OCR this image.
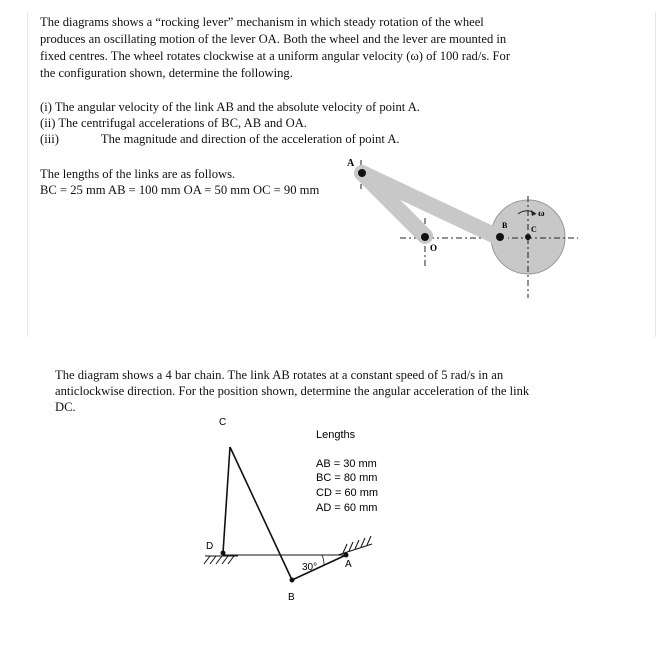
The diagrams shows a “rocking lever” mechanism in which steady rotation of the wheel
produces an oscillating motion of the lever OA. Both the wheel and the lever are mounted in
fixed centres. The wheel rotates clockwise at a uniform angular velocity (ω) of 100 rad/s. For
the configuration shown, determine the following.
(i) The angular velocity of the link AB and the absolute velocity of point A.
(ii) The centrifugal accelerations of BC, AB and OA.
(iii)	The magnitude and direction of the acceleration of point A.
The lengths of the links are as follows.
BC = 25 mm AB = 100 mm OA = 50 mm OC = 90 mm
A
O
B	C
ω
The diagram shows a 4 bar chain. The link AB rotates at a constant speed of 5 rad/s in an
anticlockwise direction. For the position shown, determine the angular acceleration of the link
DC.
C
D
B
A
30°
Lengths
AB = 30 mm
BC = 80 mm
CD = 60 mm
AD = 60 mm
